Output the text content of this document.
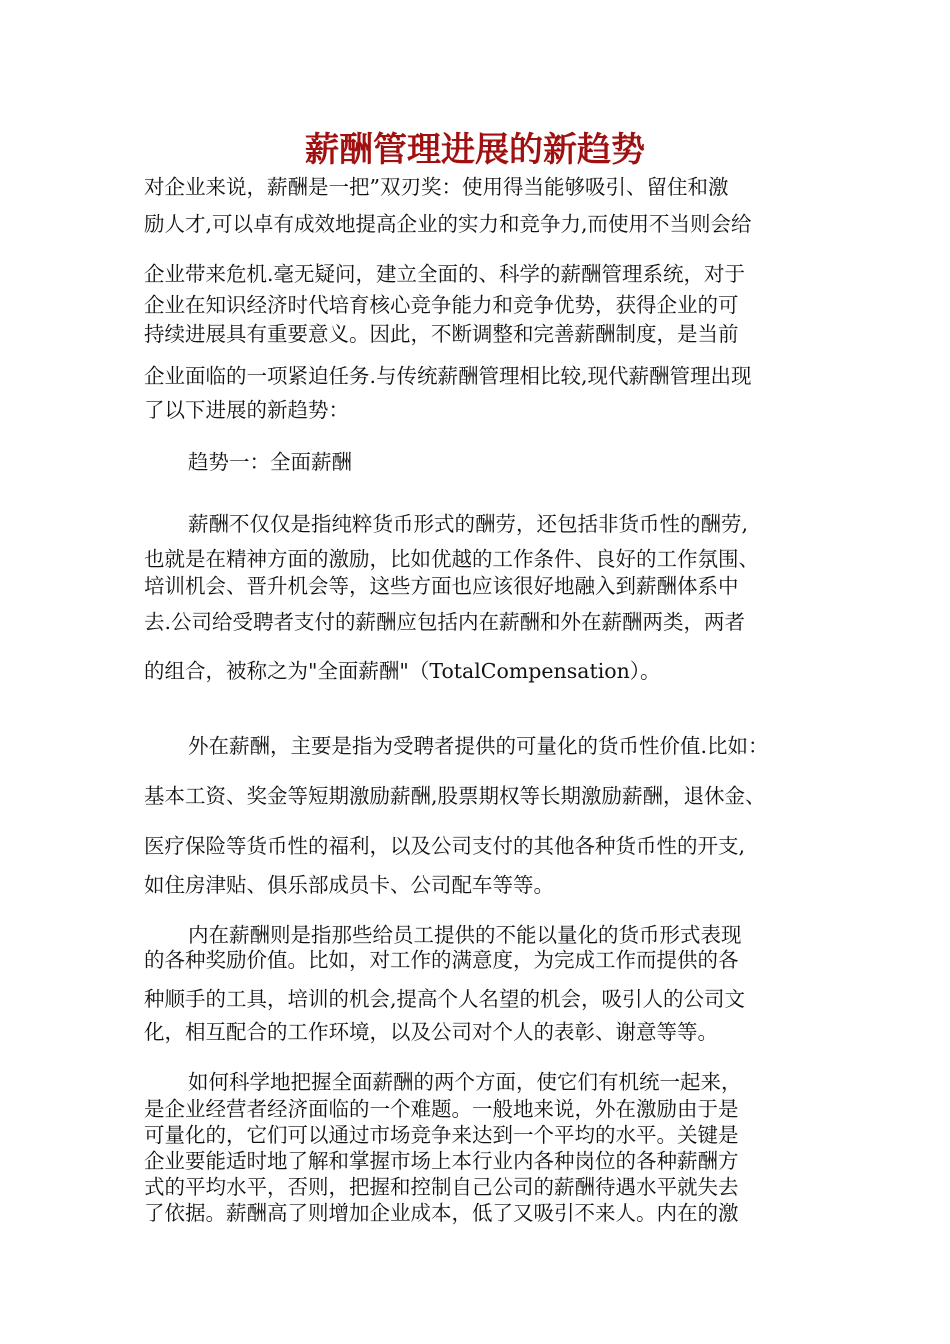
薪酬管理进展的新趋势
对企业来说，薪酬是一把”双刃奖：使用得当能够吸引、留住和激
励人才,可以卓有成效地提高企业的实力和竞争力,而使用不当则会给
企业带来危机.毫无疑问，建立全面的、科学的薪酬管理系统，对于
企业在知识经济时代培育核心竞争能力和竞争优势，获得企业的可
持续进展具有重要意义。因此，不断调整和完善薪酬制度，是当前
企业面临的一项紧迫任务.与传统薪酬管理相比较,现代薪酬管理出现
了以下进展的新趋势：
趋势一：全面薪酬
薪酬不仅仅是指纯粹货币形式的酬劳，还包括非货币性的酬劳,
也就是在精神方面的激励，比如优越的工作条件、良好的工作氛围、
培训机会、晋升机会等，这些方面也应该很好地融入到薪酬体系中
去.公司给受聘者支付的薪酬应包括内在薪酬和外在薪酬两类，两者
的组合，被称之为"全面薪酬"（TotalCompensation）。
外在薪酬，主要是指为受聘者提供的可量化的货币性价值.比如：
基本工资、奖金等短期激励薪酬,股票期权等长期激励薪酬，退休金、
医疗保险等货币性的福利，以及公司支付的其他各种货币性的开支,
如住房津贴、俱乐部成员卡、公司配车等等。
内在薪酬则是指那些给员工提供的不能以量化的货币形式表现
的各种奖励价值。比如，对工作的满意度，为完成工作而提供的各
种顺手的工具，培训的机会,提高个人名望的机会，吸引人的公司文
化，相互配合的工作环境，以及公司对个人的表彰、谢意等等。
如何科学地把握全面薪酬的两个方面，使它们有机统一起来，
是企业经营者经济面临的一个难题。一般地来说，外在激励由于是
可量化的，它们可以通过市场竞争来达到一个平均的水平。关键是
企业要能适时地了解和掌握市场上本行业内各种岗位的各种薪酬方
式的平均水平，否则，把握和控制自己公司的薪酬待遇水平就失去
了依据。薪酬高了则增加企业成本，低了又吸引不来人。内在的激
